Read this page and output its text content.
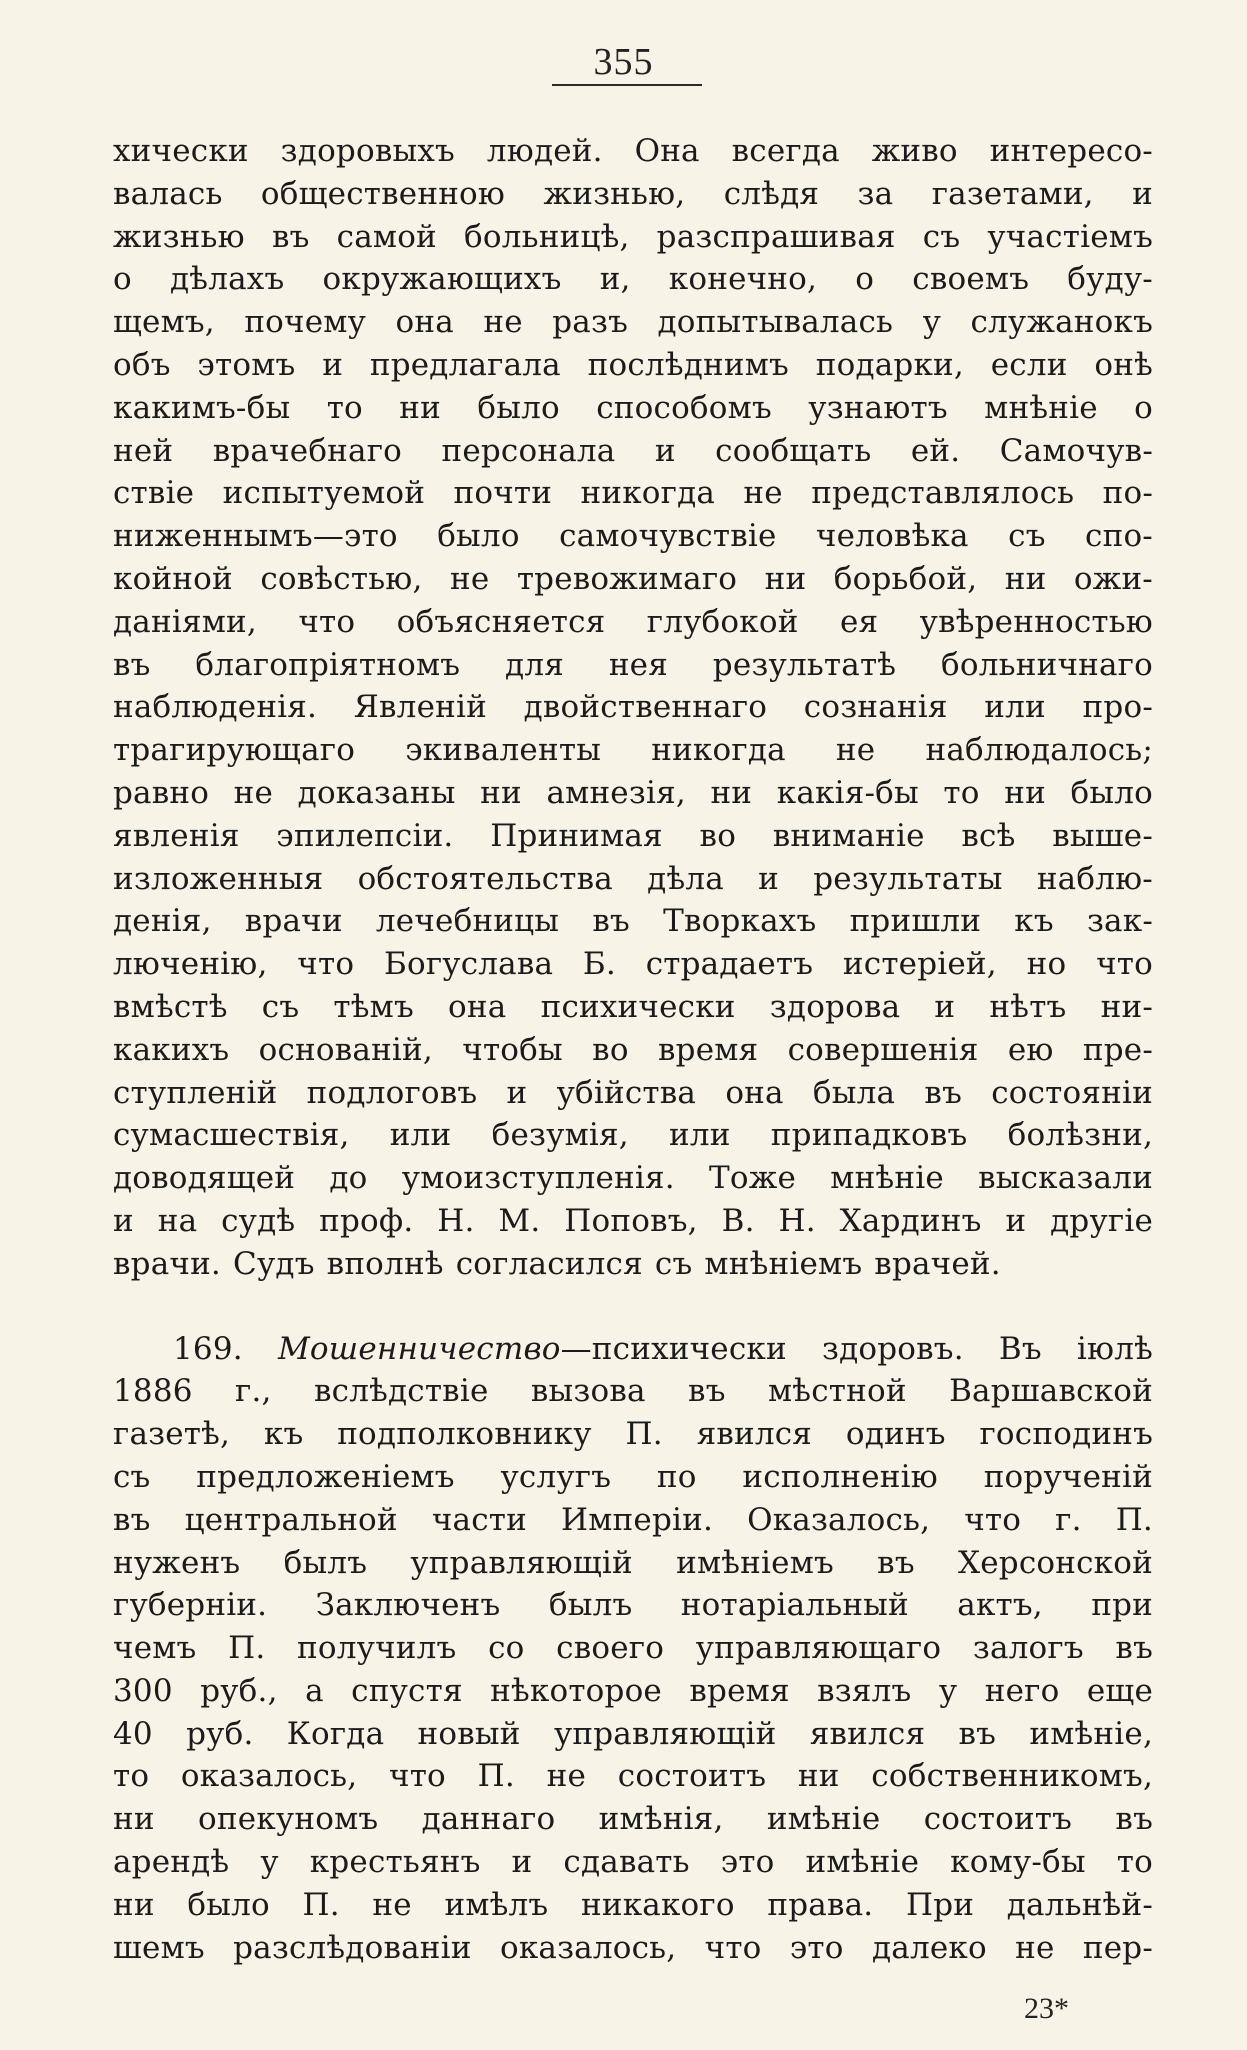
355
хически здоровыхъ людей. Она всегда живо интересо-
валась общественною жизнью, слѣдя за газетами, и
жизнью въ самой больницѣ, разспрашивая съ участіемъ
о дѣлахъ окружающихъ и, конечно, о своемъ буду-
щемъ, почему она не разъ допытывалась у служанокъ
объ этомъ и предлагала послѣднимъ подарки, если онѣ
какимъ-бы то ни было способомъ узнаютъ мнѣніе о
ней врачебнаго персонала и сообщать ей. Самочув-
ствіе испытуемой почти никогда не представлялось по-
ниженнымъ—это было самочувствіе человѣка съ спо-
койной совѣстью, не тревожимаго ни борьбой, ни ожи-
даніями, что объясняется глубокой ея увѣренностью
въ благопріятномъ для нея результатѣ больничнаго
наблюденія. Явленій двойственнаго сознанія или про-
трагирующаго экиваленты никогда не наблюдалось;
равно не доказаны ни амнезія, ни какія-бы то ни было
явленія эпилепсіи. Принимая во вниманіе всѣ выше-
изложенныя обстоятельства дѣла и результаты наблю-
денія, врачи лечебницы въ Творкахъ пришли къ зак-
люченію, что Богуслава Б. страдаетъ истеріей, но что
вмѣстѣ съ тѣмъ она психически здорова и нѣтъ ни-
какихъ основаній, чтобы во время совершенія ею пре-
ступленій подлоговъ и убійства она была въ состояніи
сумасшествія, или безумія, или припадковъ болѣзни,
доводящей до умоизступленія. Тоже мнѣніе высказали
и на судѣ проф. Н. М. Поповъ, В. Н. Хардинъ и другіе
врачи. Судъ вполнѣ согласился съ мнѣніемъ врачей.
169. Мошенничество—психически здоровъ. Въ іюлѣ
1886 г., вслѣдствіе вызова въ мѣстной Варшавской
газетѣ, къ подполковнику П. явился одинъ господинъ
съ предложеніемъ услугъ по исполненію порученій
въ центральной части Имперіи. Оказалось, что г. П.
нуженъ былъ управляющій имѣніемъ въ Херсонской
губерніи. Заключенъ былъ нотаріальный актъ, при
чемъ П. получилъ со своего управляющаго залогъ въ
300 руб., а спустя нѣкоторое время взялъ у него еще
40 руб. Когда новый управляющій явился въ имѣніе,
то оказалось, что П. не состоитъ ни собственникомъ,
ни опекуномъ даннаго имѣнія, имѣніе состоитъ въ
арендѣ у крестьянъ и сдавать это имѣніе кому-бы то
ни было П. не имѣлъ никакого права. При дальнѣй-
шемъ разслѣдованіи оказалось, что это далеко не пер-
23*
